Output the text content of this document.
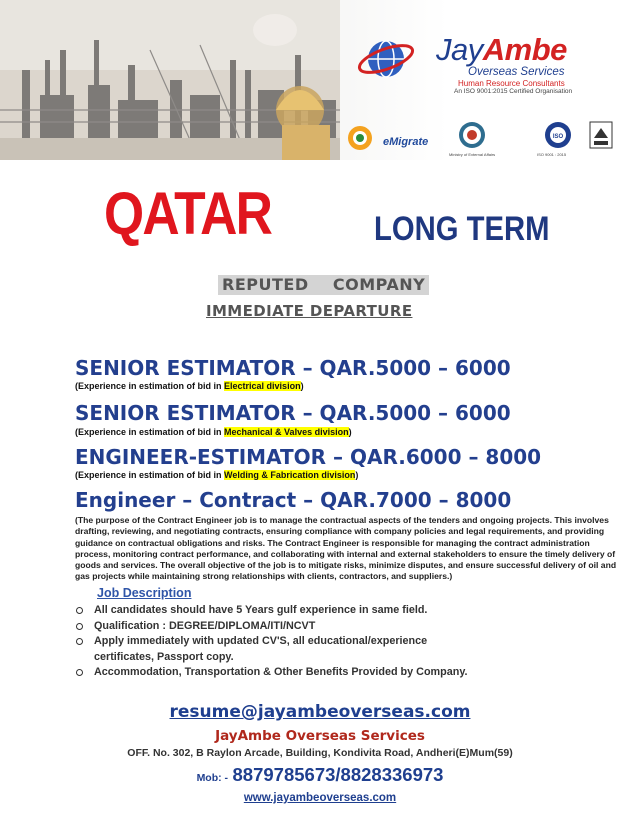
JayAmbe
Overseas Services
Human Resource Consultants
An ISO 9001:2015 Certified Organisation
ISO
eMigrate
Ministry of External Affairs	ISO 9001 : 2015
QATAR	LONG TERM
REPUTED    COMPANY
IMMEDIATE DEPARTURE
SENIOR ESTIMATOR – QAR.5000 – 6000
(Experience in estimation of bid in Electrical division)
SENIOR ESTIMATOR – QAR.5000 – 6000
(Experience in estimation of bid in Mechanical & Valves division)
ENGINEER-ESTIMATOR – QAR.6000 – 8000
(Experience in estimation of bid in Welding & Fabrication division)
Engineer – Contract – QAR.7000 – 8000
(The purpose of the Contract Engineer job is to manage the contractual aspects of the tenders and ongoing projects. This involves drafting, reviewing, and negotiating contracts, ensuring compliance with company policies and legal requirements, and providing guidance on contractual obligations and risks. The Contract Engineer is responsible for managing the contract administration process, monitoring contract performance, and collaborating with internal and external stakeholders to ensure the timely delivery of goods and services. The overall objective of the job is to mitigate risks, minimize disputes, and ensure successful delivery of oil and gas projects while maintaining strong relationships with clients, contractors, and suppliers.)
Job Description
All candidates should have 5 Years gulf experience in same field.
Qualification : DEGREE/DIPLOMA/ITI/NCVT
Apply immediately with updated CV'S, all educational/experience
certificates, Passport copy.
Accommodation, Transportation & Other Benefits Provided by Company.
resume@jayambeoverseas.com
JayAmbe Overseas Services
OFF. No. 302, B Raylon Arcade, Building, Kondivita Road, Andheri(E)Mum(59)
Mob: - 8879785673/8828336973
www.jayambeoverseas.com
